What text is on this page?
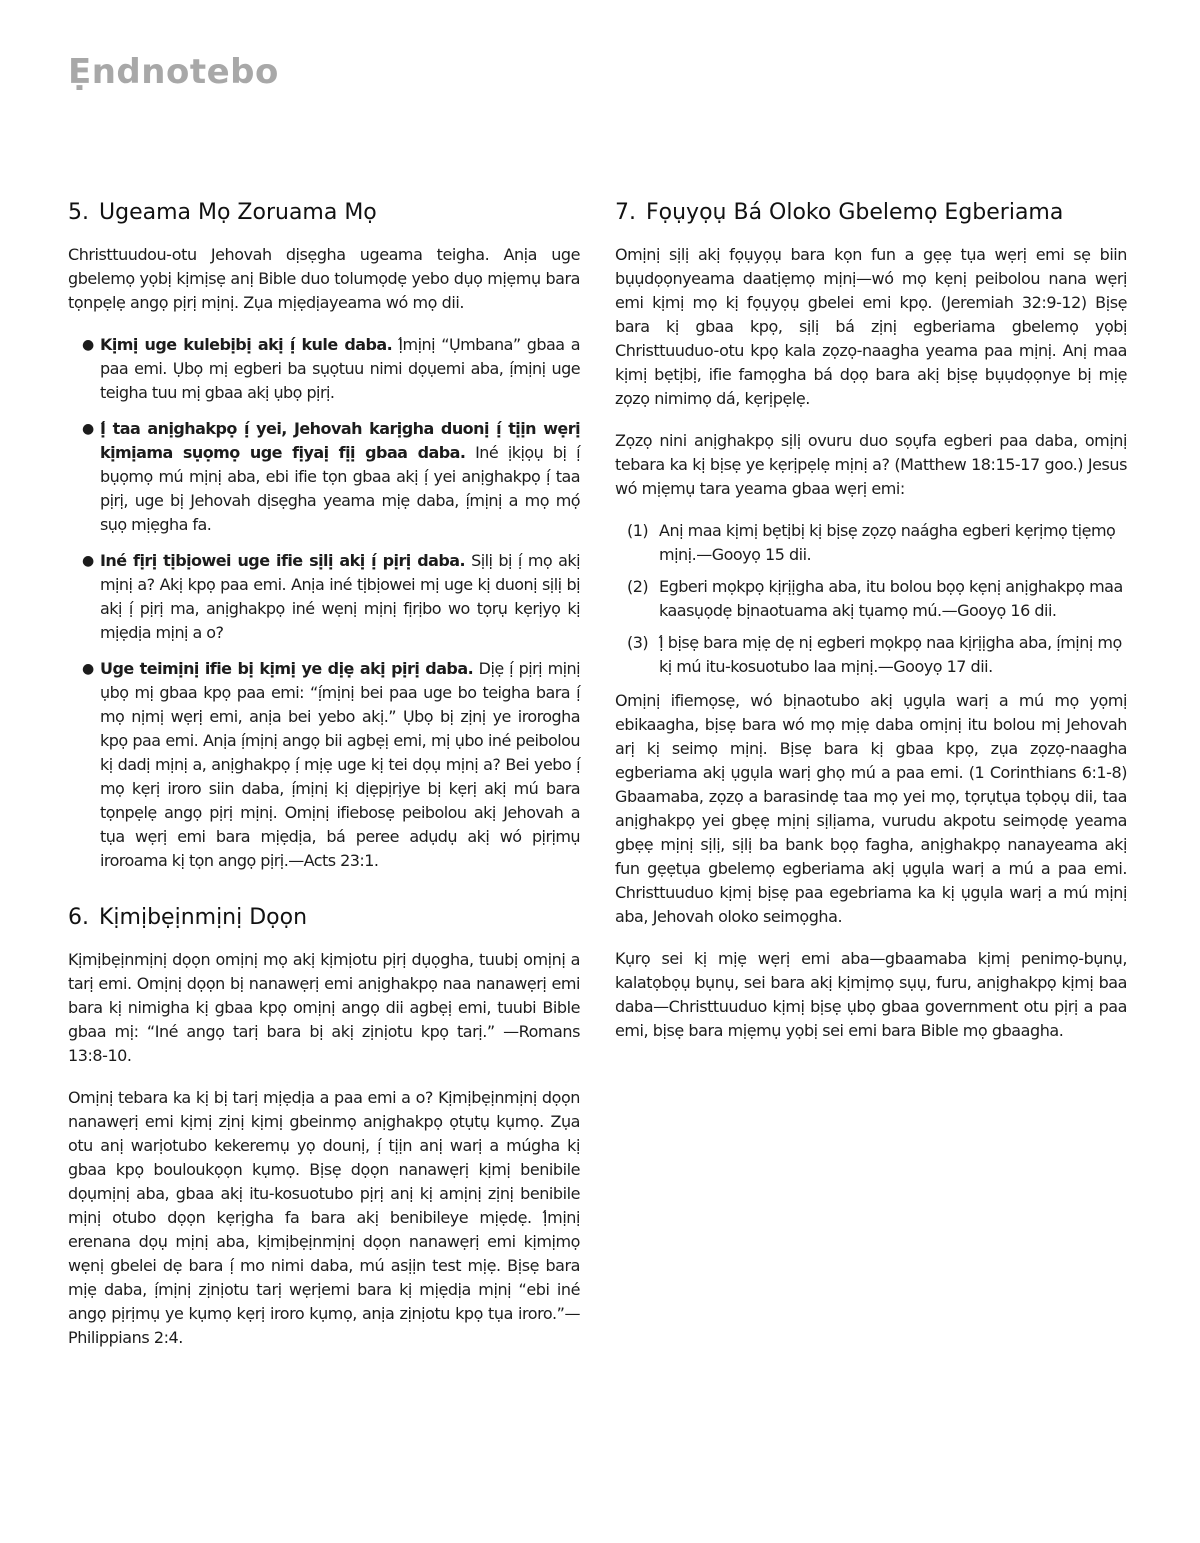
Ẹndnotebo
5. Ugeama Mọ Zoruama Mọ

Christtuudou-otu Jehovah dịsẹgha ugeama teigha. Anịa uge gbelemọ yọbị kịmịsẹ anị Bible duo tolumọdẹ yebo dụọ mịẹmụ bara tọnpẹlẹ angọ pịrị mịnị. Zụa mịẹdịayeama wó mọ dii.

● Kịmị uge kulebịbị akị ị́ kule daba. Ị́mịnị “Ụmbana” gbaa a paa emi. Ụbọ mị egberi ba sụọtuu nimi dọụemi aba, ị́mịnị uge teigha tuu mị gbaa akị ụbọ pịrị.
● Ị́ taa anịghakpọ ị́ yei, Jehovah karịgha duonị ị́ tịịn wẹrị kịmịama sụọmọ uge fịyaị fịị gbaa daba. Iné ịkịọụ bị ị́ bụọmọ mú mịnị aba, ebi ifie tọn gbaa akị ị́ yei anịghakpọ ị́ taa pịrị, uge bị Jehovah dịsẹgha yeama mịẹ daba, ị́mịnị a mọ mọ́ sụọ mịẹgha fa.
● Iné fịrị tịbịowei uge ifie sịlị akị ị́ pịrị daba. Sịlị bị ị́ mọ akị mịnị a? Akị kpọ paa emi. Anịa iné tịbịowei mị uge kị duonị sịlị bị akị ị́ pịrị ma, anịghakpọ iné wẹnị mịnị fịrịbo wo tọrụ kẹrịyọ kị mịẹdịa mịnị a o?
● Uge teimịnị ifie bị kịmị ye dịẹ akị pịrị daba. Dịẹ ị́ pịrị mịnị ụbọ mị gbaa kpọ paa emi: “ị́mịnị bei paa uge bo teigha bara ị́ mọ nịmị wẹrị emi, anịa bei yebo akị.” Ụbọ bị zịnị ye irorogha kpọ paa emi. Anịa ị́mịnị angọ bii agbẹị emi, mị ụbo iné peibolou kị dadị mịnị a, anịghakpọ ị́ mịẹ uge kị tei dọụ mịnị a? Bei yebo ị́ mọ kẹrị iroro siin daba, ị́mịnị kị dịẹpịrịye bị kẹrị akị mú bara tọnpẹlẹ angọ pịrị mịnị. Omịnị ifiebosẹ peibolou akị Jehovah a tụa wẹrị emi bara mịẹdịa, bá peree adụdụ akị wó pịrịmụ iroroama kị tọn angọ pịrị.—Acts 23:1.
6. Kịmịbẹịnmịnị Dọọn

Kịmịbẹịnmịnị dọọn omịnị mọ akị kịmịotu pịrị dụọgha, tuubị omịnị a tarị emi. Omịnị dọọn bị nanawẹrị emi anịghakpọ naa nanawẹrị emi bara kị nimigha kị gbaa kpọ omịnị angọ dii agbẹị emi, tuubi Bible gbaa mị: “Iné angọ tarị bara bị akị zịnịotu kpọ tarị.” —Romans 13:8-10.

Omịnị tebara ka kị bị tarị mịẹdịa a paa emi a o? Kịmịbẹịnmịnị dọọn nanawẹrị emi kịmị zịnị kịmị gbeinmọ anịghakpọ ọtụtụ kụmọ. Zụa otu anị warịotubo kekeremụ yọ dounị, ị́ tịịn anị warị a múgha kị gbaa kpọ bouloukọọn kụmọ. Bịsẹ dọọn nanawẹrị kịmị benibile dọụmịnị aba, gbaa akị itu-kosuotubo pịrị anị kị amịnị zịnị benibile mịnị otubo dọọn kẹrịgha fa bara akị benibileye mịẹdẹ. Ị́mịnị erenana dọụ mịnị aba, kịmịbẹịnmịnị dọọn nanawẹrị emi kịmịmọ wẹnị gbelei dẹ bara ị́ mo nimi daba, mú asịịn test mịẹ. Bịsẹ bara mịẹ daba, ị́mịnị zịnịotu tarị wẹrịemi bara kị mịẹdịa mịnị “ebi iné angọ pịrịmụ ye kụmọ kẹrị iroro kụmọ, anịa zịnịotu kpọ tụa iroro.”—Philippians 2:4.

7. Fọụyọụ Bá Oloko Gbelemọ Egberiama

Omịnị sịlị akị fọụyọụ bara kọn fun a gẹẹ tụa wẹrị emi sẹ biin bụụdọọnyeama daatịẹmọ mịnị—wó mọ kẹnị peibolou nana wẹrị emi kịmị mọ kị fọụyọụ gbelei emi kpọ. (Jeremiah 32:9-12) Bịsẹ bara kị gbaa kpọ, sịlị bá zịnị egberiama gbelemọ yọbị Christtuuduo-otu kpọ kala zọzọ-naagha yeama paa mịnị. Anị maa kịmị bẹtịbị, ifie famọgha bá dọọ bara akị bịsẹ bụụdọọnye bị mịẹ zọzọ nimimọ dá, kẹrịpẹlẹ.

Zọzọ nini anịghakpọ sịlị ovuru duo sọụfa egberi paa daba, omịnị tebara ka kị bịsẹ ye kẹrịpẹlẹ mịnị a? (Matthew 18:15-17 goo.) Jesus wó mịẹmụ tara yeama gbaa wẹrị emi:

(1) Anị maa kịmị bẹtịbị kị bịsẹ zọzọ naágha egberi kẹrịmọ tịẹmọ mịnị.—Gooyọ 15 dii.
(2) Egberi mọkpọ kịrịịgha aba, itu bolou bọọ kẹnị anịghakpọ maa kaasụọdẹ bịnaotuama akị tụamọ mú.—Gooyọ 16 dii.
(3) Ị́ bịsẹ bara mịẹ dẹ nị egberi mọkpọ naa kịrịịgha aba, ị́mịnị mọ kị mú itu-kosuotubo laa mịnị.—Gooyọ 17 dii.

Omịnị ifiemọsẹ, wó bịnaotubo akị ụgụla warị a mú mọ yọmị ebikaagha, bịsẹ bara wó mọ mịẹ daba omịnị itu bolou mị Jehovah arị kị seimọ mịnị. Bịsẹ bara kị gbaa kpọ, zụa zọzọ-naagha egberiama akị ụgụla warị ghọ mú a paa emi. (1 Corinthians 6:1-8) Gbaamaba, zọzọ a barasindẹ taa mọ yei mọ, tọrụtụa tọbọụ dii, taa anịghakpọ yei gbẹẹ mịnị sịlịama, vurudu akpotu seimọdẹ yeama gbẹẹ mịnị sịlị, sịlị ba bank bọọ fagha, anịghakpọ nanayeama akị fun gẹẹtụa gbelemọ egberiama akị ụgụla warị a mú a paa emi. Christtuuduo kịmị bịsẹ paa egebriama ka kị ụgụla warị a mú mịnị aba, Jehovah oloko seimọgha.

Kụrọ sei kị mịẹ wẹrị emi aba—gbaamaba kịmị penimọ-bụnụ, kalatọbọụ bụnụ, sei bara akị kịmịmọ sụụ, furu, anịghakpọ kịmị baa daba—Christtuuduo kịmị bịsẹ ụbọ gbaa government otu pịrị a paa emi, bịsẹ bara mịẹmụ yọbị sei emi bara Bible mọ gbaagha.
